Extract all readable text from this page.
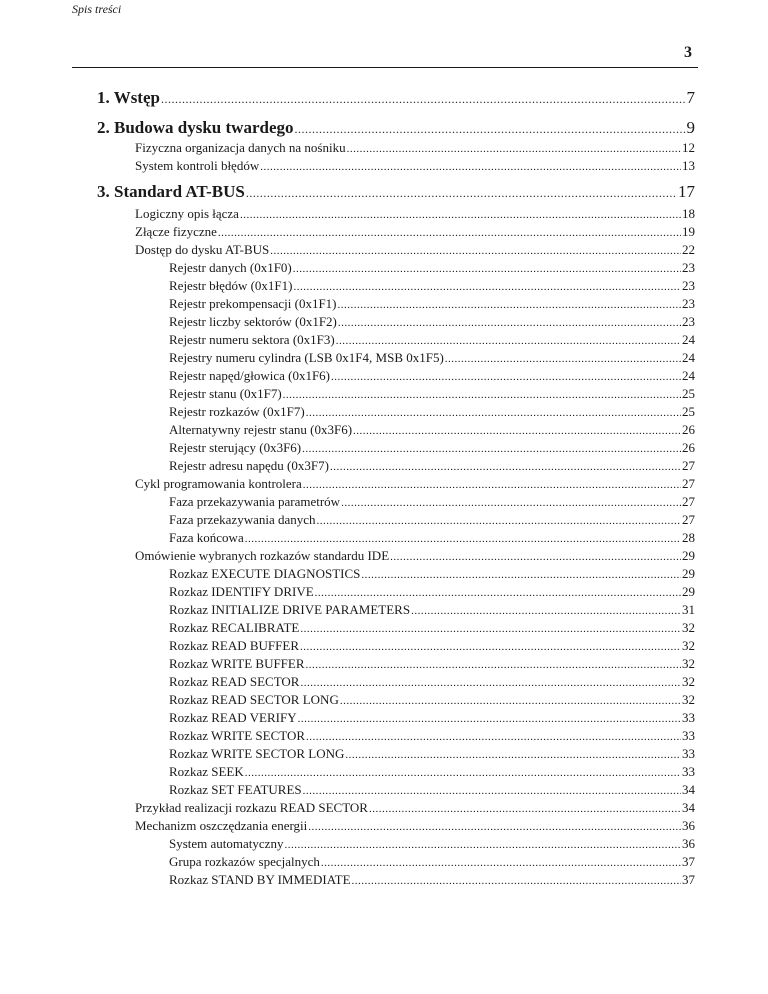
Spis treści
3
1. Wstęp .....	7
2. Budowa dysku twardego .....	9
Fizyczna organizacja danych na nośniku .....	12
System kontroli błędów .....	13
3. Standard AT-BUS .....	17
Logiczny opis łącza .....	18
Złącze fizyczne .....	19
Dostęp do dysku AT-BUS .....	22
Rejestr danych (0x1F0) .....	23
Rejestr błędów (0x1F1) .....	23
Rejestr prekompensacji (0x1F1) .....	23
Rejestr liczby sektorów (0x1F2) .....	23
Rejestr numeru sektora (0x1F3) .....	24
Rejestry numeru cylindra (LSB 0x1F4, MSB 0x1F5) .....	24
Rejestr napęd/głowica (0x1F6) .....	24
Rejestr stanu (0x1F7) .....	25
Rejestr rozkazów (0x1F7) .....	25
Alternatywny rejestr stanu (0x3F6) .....	26
Rejestr sterujący (0x3F6) .....	26
Rejestr adresu napędu (0x3F7) .....	27
Cykl programowania kontrolera .....	27
Faza przekazywania parametrów .....	27
Faza przekazywania danych .....	27
Faza końcowa .....	28
Omówienie wybranych rozkazów standardu IDE .....	29
Rozkaz EXECUTE DIAGNOSTICS .....	29
Rozkaz IDENTIFY DRIVE .....	29
Rozkaz INITIALIZE DRIVE PARAMETERS .....	31
Rozkaz RECALIBRATE .....	32
Rozkaz READ BUFFER .....	32
Rozkaz WRITE BUFFER .....	32
Rozkaz READ SECTOR .....	32
Rozkaz READ SECTOR LONG .....	32
Rozkaz READ VERIFY .....	33
Rozkaz WRITE SECTOR .....	33
Rozkaz WRITE SECTOR LONG .....	33
Rozkaz SEEK .....	33
Rozkaz SET FEATURES .....	34
Przykład realizacji rozkazu READ SECTOR .....	34
Mechanizm oszczędzania energii .....	36
System automatyczny .....	36
Grupa rozkazów specjalnych .....	37
Rozkaz STAND BY IMMEDIATE .....	37
